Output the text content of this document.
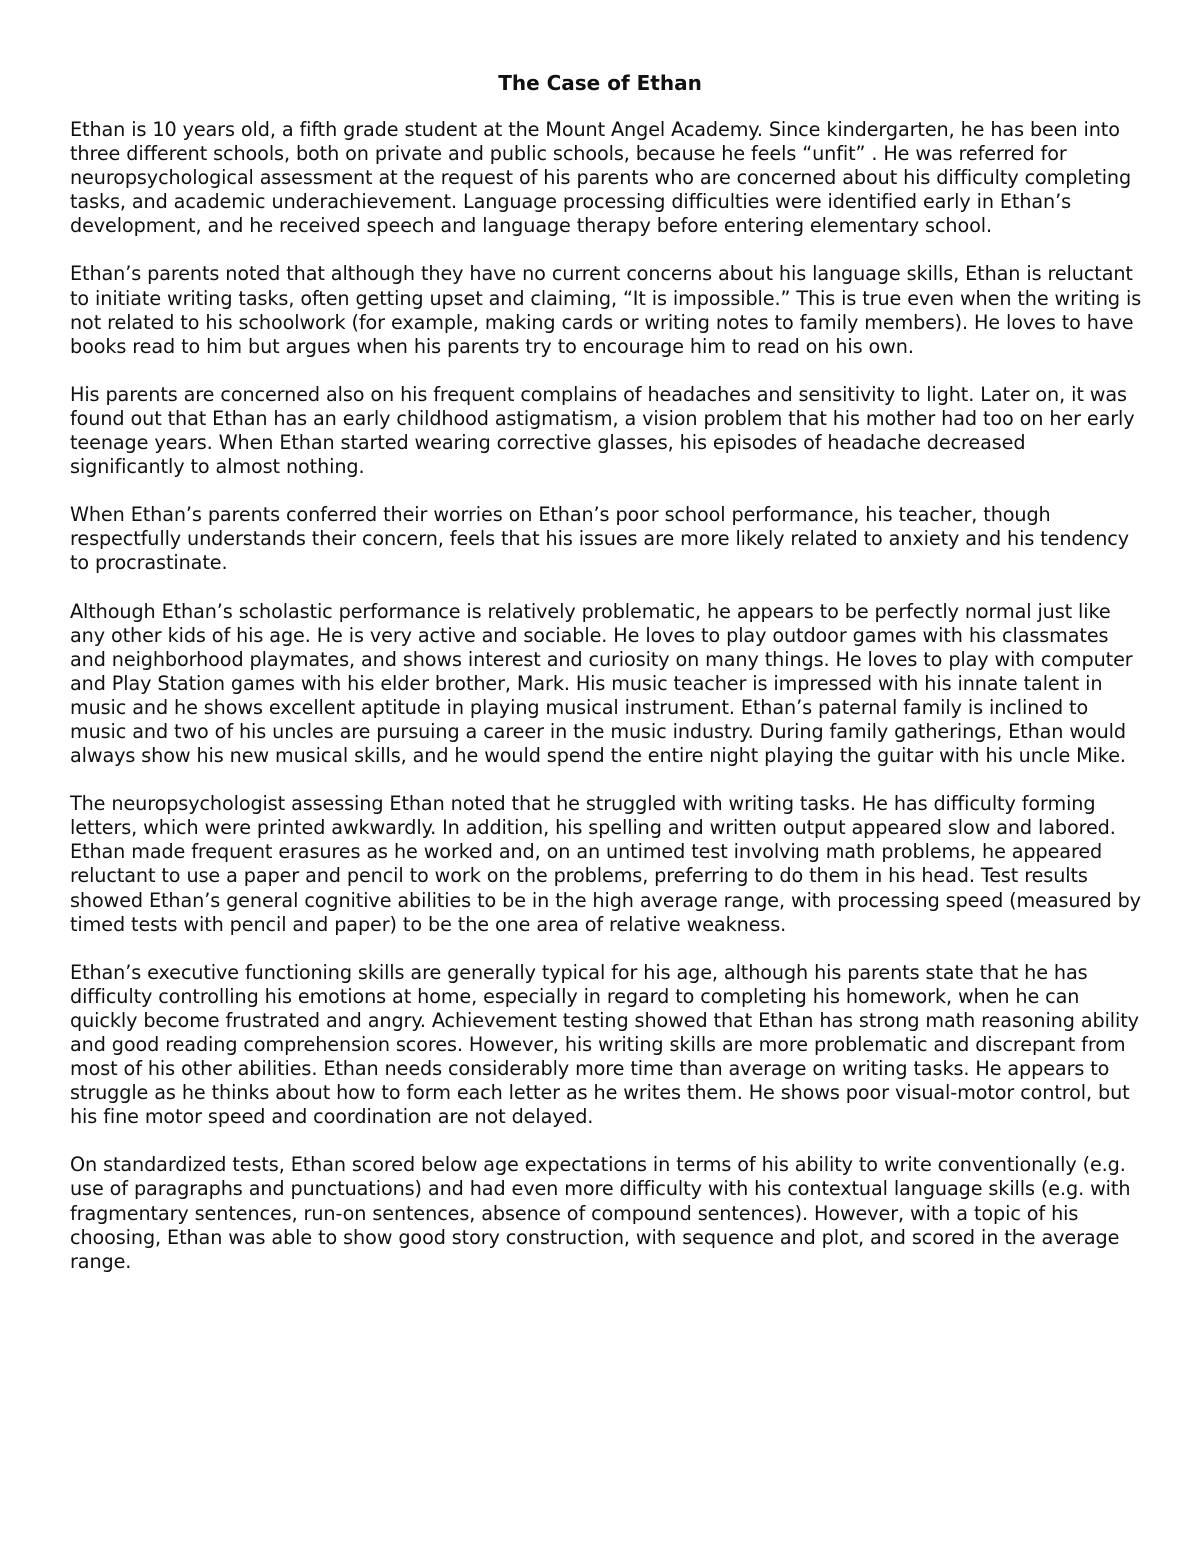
The Case of Ethan

Ethan is 10 years old, a fifth grade student at the Mount Angel Academy. Since kindergarten, he has been into three different schools, both on private and public schools, because he feels “unfit” . He was referred for neuropsychological assessment at the request of his parents who are concerned about his difficulty completing tasks, and academic underachievement. Language processing difficulties were identified early in Ethan’s development, and he received speech and language therapy before entering elementary school.

Ethan’s parents noted that although they have no current concerns about his language skills, Ethan is reluctant to initiate writing tasks, often getting upset and claiming, “It is impossible.” This is true even when the writing is not related to his schoolwork (for example, making cards or writing notes to family members). He loves to have books read to him but argues when his parents try to encourage him to read on his own.

His parents are concerned also on his frequent complains of headaches and sensitivity to light. Later on, it was found out that Ethan has an early childhood astigmatism, a vision problem that his mother had too on her early teenage years. When Ethan started wearing corrective glasses, his episodes of headache decreased significantly to almost nothing.

When Ethan’s parents conferred their worries on Ethan’s poor school performance, his teacher, though respectfully understands their concern, feels that his issues are more likely related to anxiety and his tendency to procrastinate.

Although Ethan’s scholastic performance is relatively problematic, he appears to be perfectly normal just like any other kids of his age. He is very active and sociable. He loves to play outdoor games with his classmates and neighborhood playmates, and shows interest and curiosity on many things. He loves to play with computer and Play Station games with his elder brother, Mark. His music teacher is impressed with his innate talent in music and he shows excellent aptitude in playing musical instrument. Ethan’s paternal family is inclined to music and two of his uncles are pursuing a career in the music industry. During family gatherings, Ethan would always show his new musical skills, and he would spend the entire night playing the guitar with his uncle Mike.

The neuropsychologist assessing Ethan noted that he struggled with writing tasks. He has difficulty forming letters, which were printed awkwardly. In addition, his spelling and written output appeared slow and labored. Ethan made frequent erasures as he worked and, on an untimed test involving math problems, he appeared reluctant to use a paper and pencil to work on the problems, preferring to do them in his head. Test results showed Ethan’s general cognitive abilities to be in the high average range, with processing speed (measured by timed tests with pencil and paper) to be the one area of relative weakness.

Ethan’s executive functioning skills are generally typical for his age, although his parents state that he has difficulty controlling his emotions at home, especially in regard to completing his homework, when he can quickly become frustrated and angry. Achievement testing showed that Ethan has strong math reasoning ability and good reading comprehension scores. However, his writing skills are more problematic and discrepant from most of his other abilities. Ethan needs considerably more time than average on writing tasks. He appears to struggle as he thinks about how to form each letter as he writes them. He shows poor visual-motor control, but his fine motor speed and coordination are not delayed.

On standardized tests, Ethan scored below age expectations in terms of his ability to write conventionally (e.g. use of paragraphs and punctuations) and had even more difficulty with his contextual language skills (e.g. with fragmentary sentences, run-on sentences, absence of compound sentences). However, with a topic of his choosing, Ethan was able to show good story construction, with sequence and plot, and scored in the average range.
